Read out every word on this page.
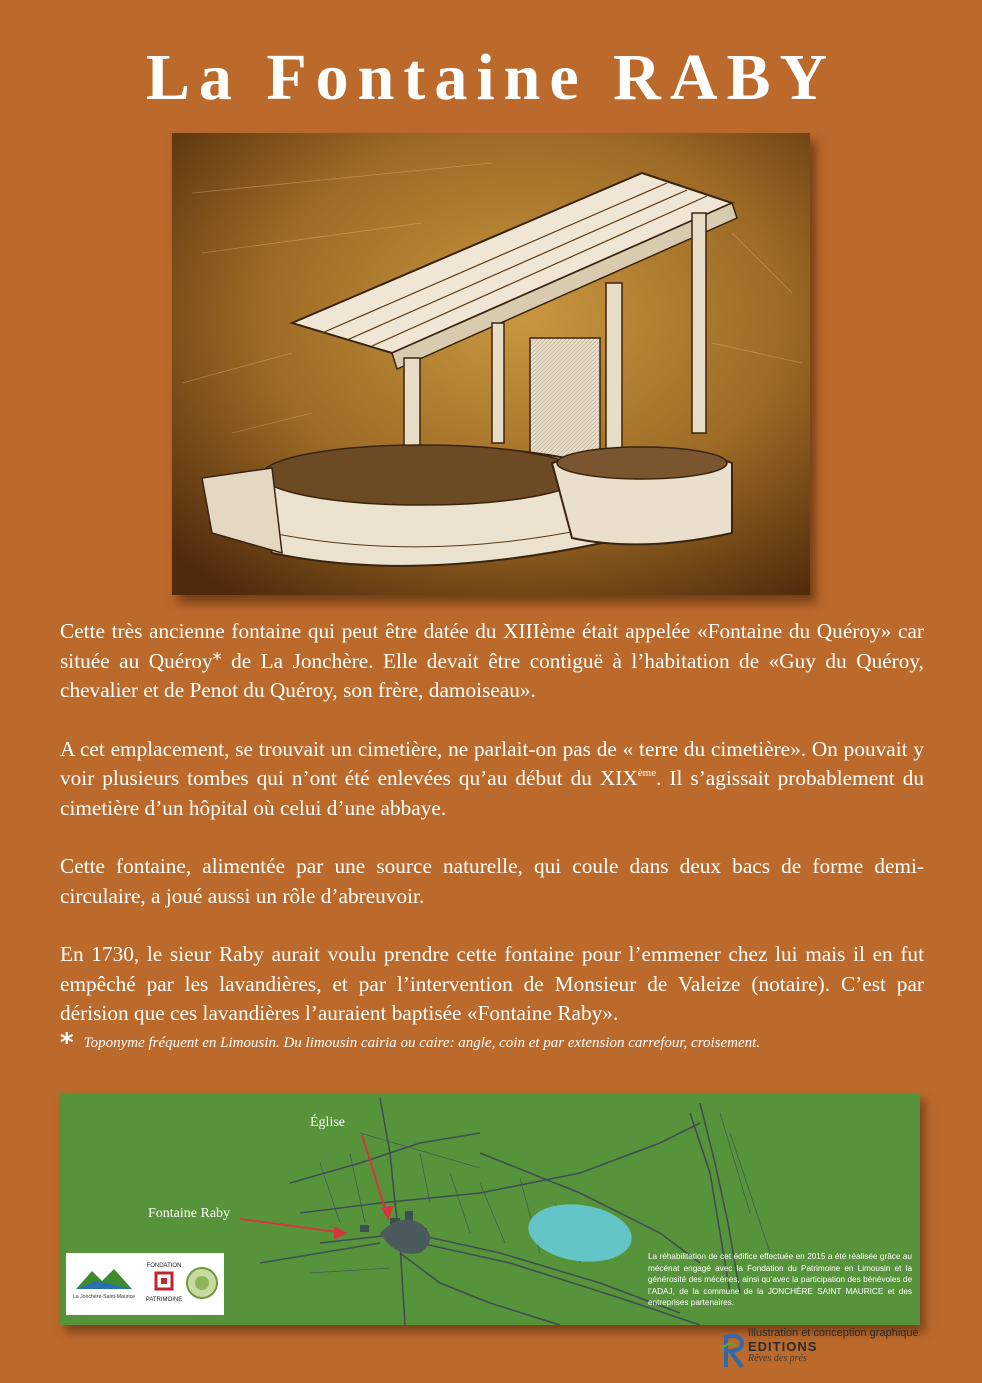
La Fontaine RABY

Cette très ancienne fontaine qui peut être datée du XIIIème était appelée «Fontaine du Quéroy» car située au Quéroy* de La Jonchère. Elle devait être contiguë à l’habitation de «Guy du Quéroy, chevalier et de Penot du Quéroy, son frère, damoiseau».

A cet emplacement, se trouvait un cimetière, ne parlait-on pas de « terre du cimetière». On pouvait y voir plusieurs tombes qui n’ont été enlevées qu’au début du XIXème. Il s’agissait probablement du cimetière d’un hôpital où celui d’une abbaye.

Cette fontaine, alimentée par une source naturelle, qui coule dans deux bacs de forme demi-circulaire, a joué aussi un rôle d’abreuvoir.

En 1730, le sieur Raby aurait voulu prendre cette fontaine pour l’emmener chez lui mais il en fut empêché par les lavandières, et par l’intervention de Monsieur de Valeize (notaire). C’est par dérision que ces lavandières l’auraient baptisée «Fontaine Raby».

* Toponyme fréquent en Limousin. Du limousin cairia ou caire: angle, coin et par extension carrefour, croisement.
Église
Fontaine Raby
La réhabilitation de cet édifice effectuée en 2015 a été réalisée grâce au mécénat engagé avec la Fondation du Patrimoine en Limousin et la générosité des mécènes, ainsi qu’avec la participation des bénévoles de l’ADAJ, de la commune de la JONCHÈRE SAINT MAURICE et des entreprises partenaires.
La Jonchère-Saint-Maurice
FONDATION
PATRIMOINE
Illustration et conception graphique
EDITIONS
Rêves des prés
